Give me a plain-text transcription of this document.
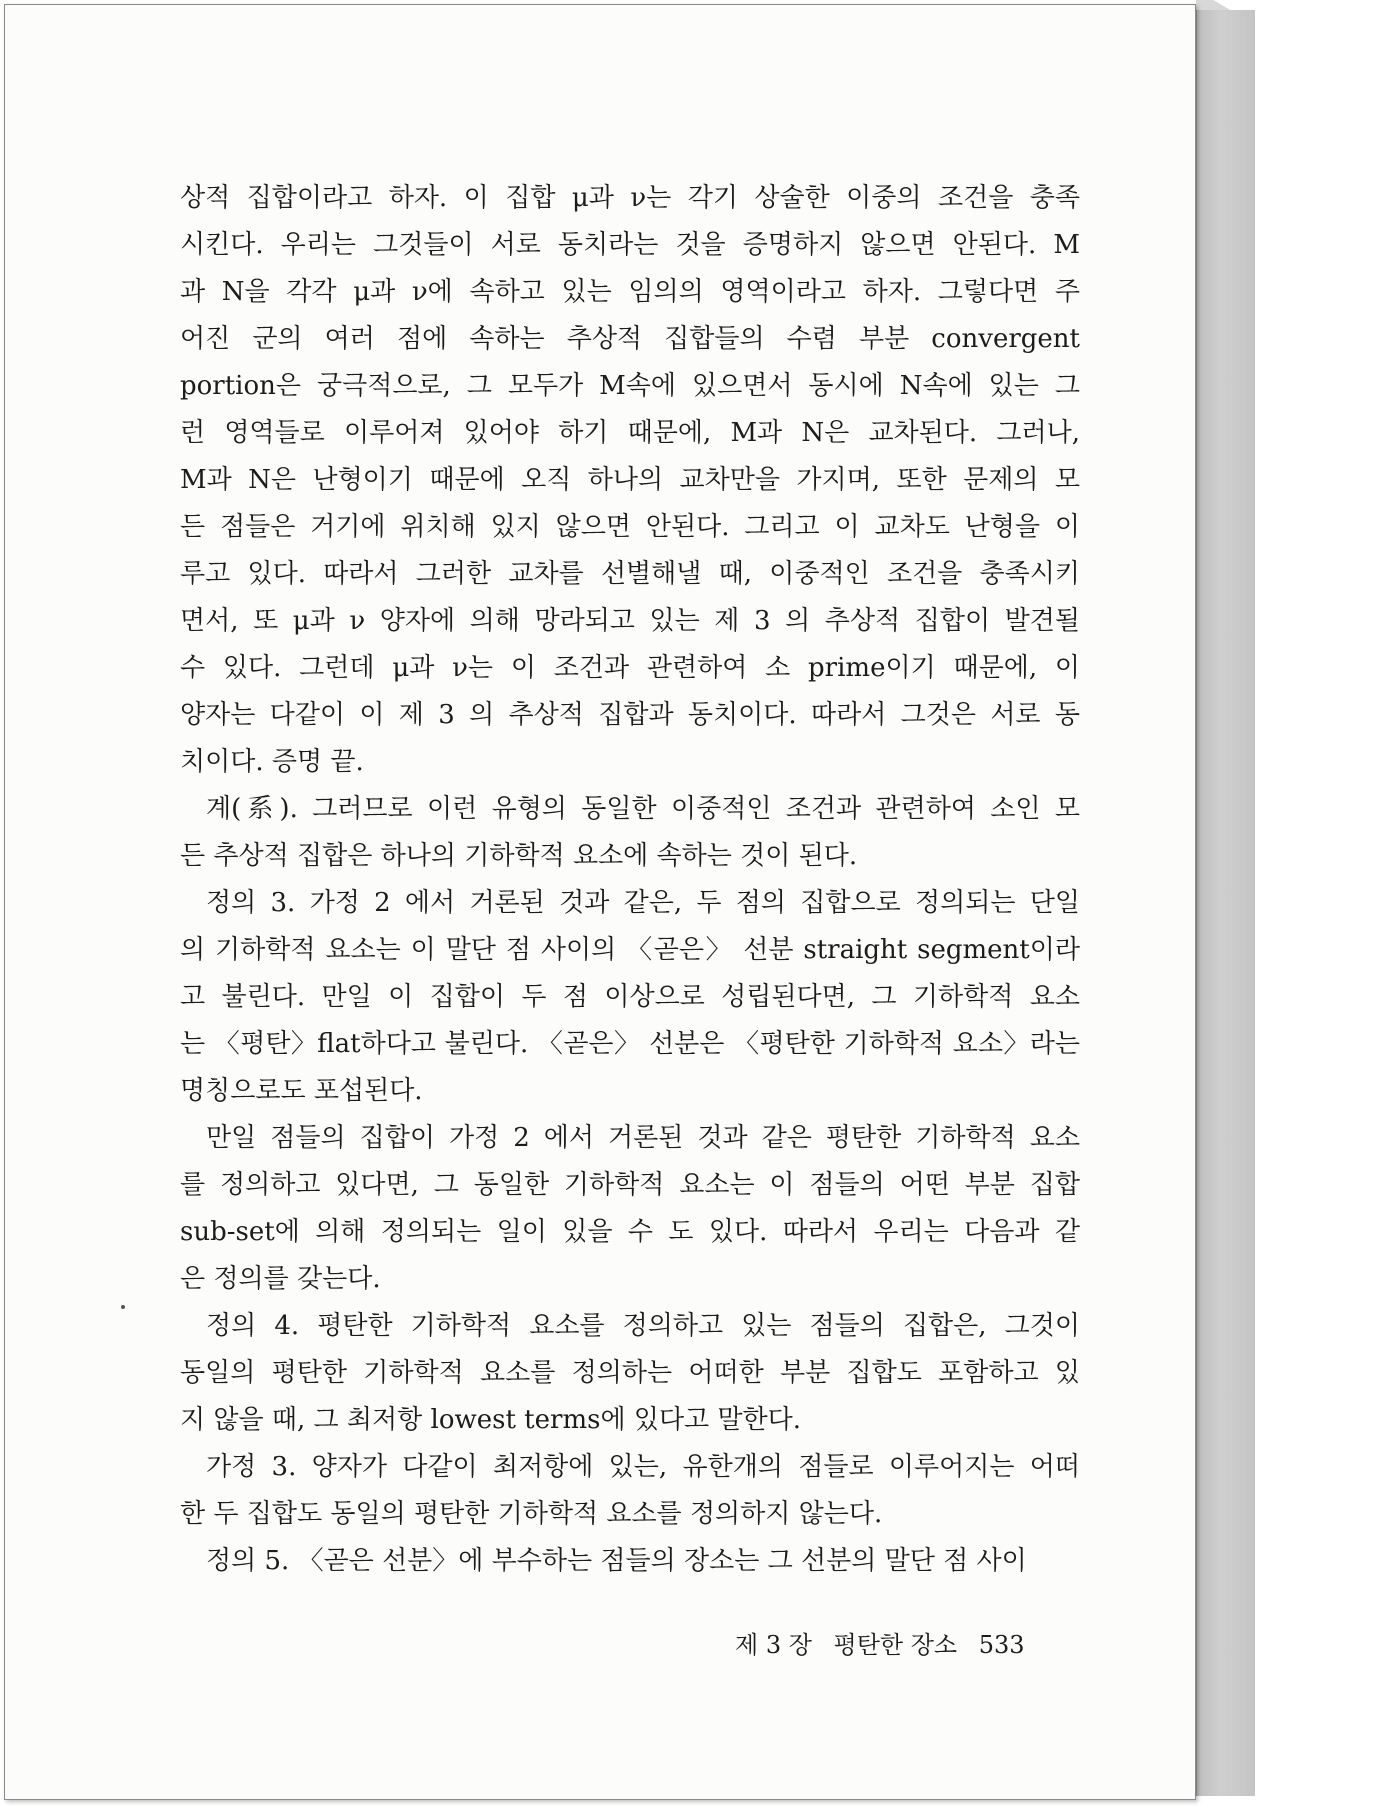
상적 집합이라고 하자. 이 집합 μ과 ν는 각기 상술한 이중의 조건을 충족
시킨다. 우리는 그것들이 서로 동치라는 것을 증명하지 않으면 안된다. M
과 N을 각각 μ과 ν에 속하고 있는 임의의 영역이라고 하자. 그렇다면 주
어진 군의 여러 점에 속하는 추상적 집합들의 수렴 부분 convergent
portion은 궁극적으로, 그 모두가 M속에 있으면서 동시에 N속에 있는 그
런 영역들로 이루어져 있어야 하기 때문에, M과 N은 교차된다. 그러나,
M과 N은 난형이기 때문에 오직 하나의 교차만을 가지며, 또한 문제의 모
든 점들은 거기에 위치해 있지 않으면 안된다. 그리고 이 교차도 난형을 이
루고 있다. 따라서 그러한 교차를 선별해낼 때, 이중적인 조건을 충족시키
면서, 또 μ과 ν 양자에 의해 망라되고 있는 제 3 의 추상적 집합이 발견될
수 있다. 그런데 μ과 ν는 이 조건과 관련하여 소 prime이기 때문에, 이
양자는 다같이 이 제 3 의 추상적 집합과 동치이다. 따라서 그것은 서로 동
치이다. 증명 끝.
계(系). 그러므로 이런 유형의 동일한 이중적인 조건과 관련하여 소인 모
든 추상적 집합은 하나의 기하학적 요소에 속하는 것이 된다.
정의 3. 가정 2 에서 거론된 것과 같은, 두 점의 집합으로 정의되는 단일
의 기하학적 요소는 이 말단 점 사이의 〈곧은〉 선분 straight segment이라
고 불린다. 만일 이 집합이 두 점 이상으로 성립된다면, 그 기하학적 요소
는 〈평탄〉flat하다고 불린다. 〈곧은〉 선분은 〈평탄한 기하학적 요소〉라는
명칭으로도 포섭된다.
만일 점들의 집합이 가정 2 에서 거론된 것과 같은 평탄한 기하학적 요소
를 정의하고 있다면, 그 동일한 기하학적 요소는 이 점들의 어떤 부분 집합
sub-set에 의해 정의되는 일이 있을 수 도 있다. 따라서 우리는 다음과 같
은 정의를 갖는다.
정의 4. 평탄한 기하학적 요소를 정의하고 있는 점들의 집합은, 그것이
동일의 평탄한 기하학적 요소를 정의하는 어떠한 부분 집합도 포함하고 있
지 않을 때, 그 최저항 lowest terms에 있다고 말한다.
가정 3. 양자가 다같이 최저항에 있는, 유한개의 점들로 이루어지는 어떠
한 두 집합도 동일의 평탄한 기하학적 요소를 정의하지 않는다.
정의 5. 〈곧은 선분〉에 부수하는 점들의 장소는 그 선분의 말단 점 사이
제 3 장 평탄한 장소 533
